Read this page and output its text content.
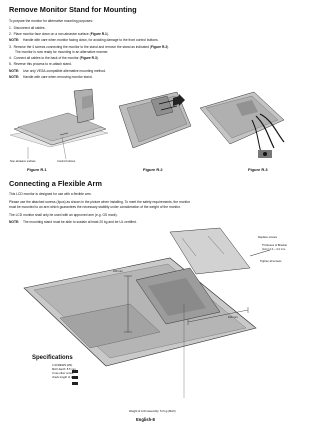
Remove Monitor Stand for Mounting
To prepare the monitor for alternative mounting purposes:
1. Disconnect all cables.
2. Place monitor face down on a non-abrasive surface (Figure R.1).
NOTE: Handle with care when monitor facing down, for avoiding damage to the front control buttons.
3. Remove the 4 screws connecting the monitor to the stand and remove the stand as indicated (Figure R.2).
The monitor is now ready for mounting in an alternative manner.
4. Connect all cables to the back of the monitor (Figure R.3).
5. Reverse this process to re-attach stand.
NOTE: Use only VESA-compatible alternative mounting method.
NOTE: Handle with care when removing monitor stand.
Non-abrasive surface	Control buttons
Figure R.1	Figure R.2	Figure R.3
Connecting a Flexible Arm
This LCD monitor is designed for use with a flexible arm.
Please use the attached screws (4pcs) as shown in the picture when installing. To meet the safety requirements, the monitor
must be mounted to an arm which guarantees the necessary stability under consideration of the weight of the monitor.
The LCD monitor shall only be used with an approved arm (e.g. GS mark).
NOTE: The mounting stand must be able to sustain at least 20 kg and be UL certified.
Replace screws
Thickness of Bracket
(Arm) 2.0 ~ 3.2 mm
Tighten all screws
100 mm
100 mm
Specifications
4 SCREWS (M4)
MAX depth: 8.5 mm
If use other screw,
check length of screw.
Weight of LCD assembly: 5.0 kg (MAX)
English-8
